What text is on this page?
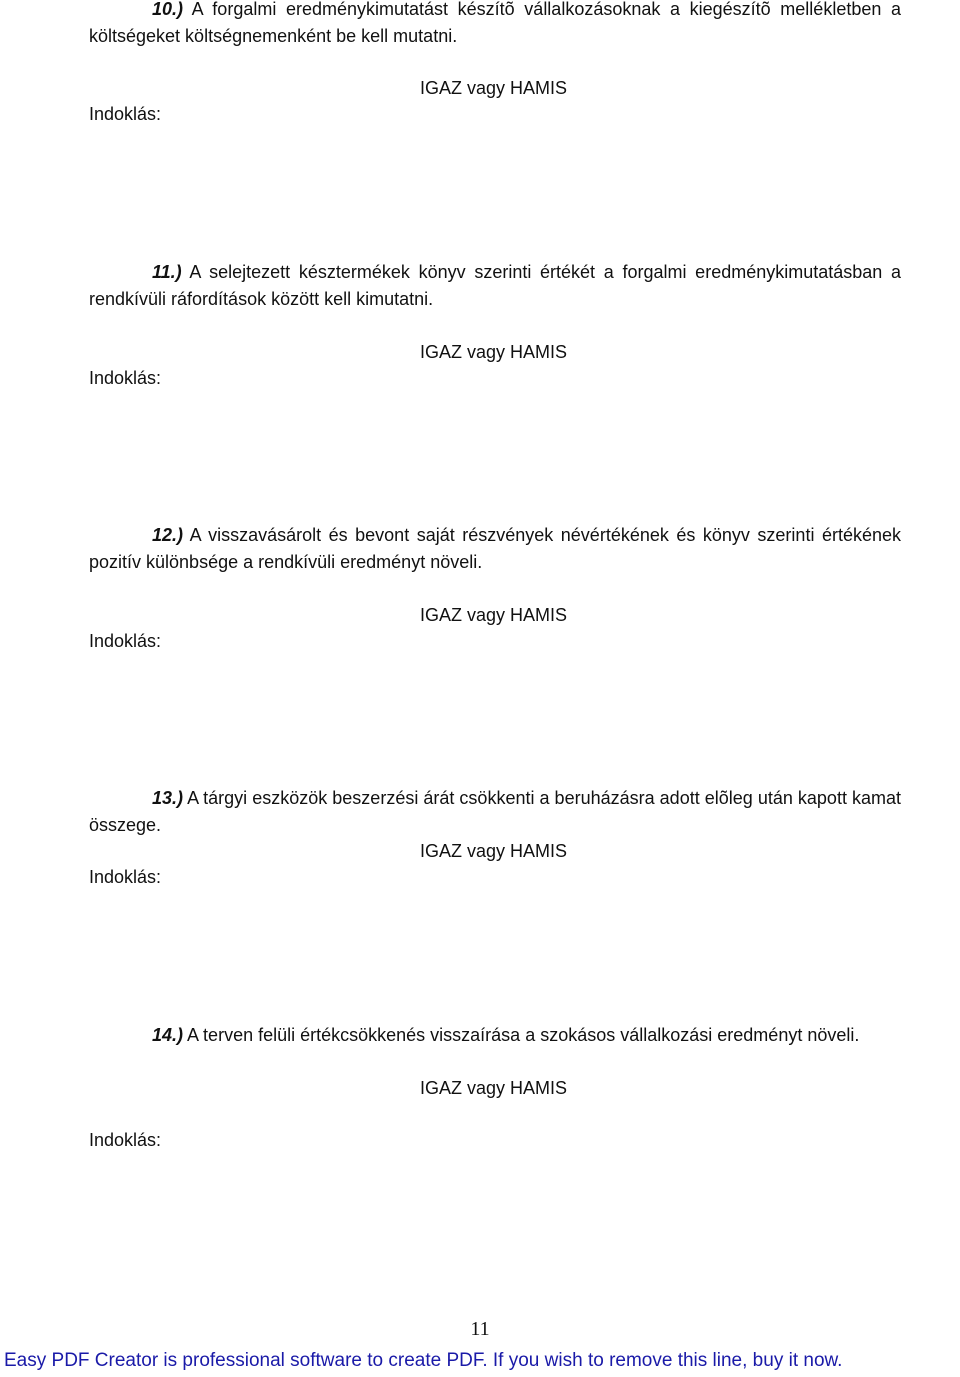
10.) A forgalmi eredménykimutatást készítõ vállalkozásoknak a kiegészítõ mellékletben a költségeket költségnemenként be kell mutatni.

IGAZ vagy HAMIS
Indoklás:

11.) A selejtezett késztermékek könyv szerinti értékét a forgalmi eredménykimutatásban a rendkívüli ráfordítások között kell kimutatni.

IGAZ vagy HAMIS
Indoklás:

12.) A visszavásárolt és bevont saját részvények névértékének és könyv szerinti értékének pozitív különbsége a rendkívüli eredményt növeli.

IGAZ vagy HAMIS
Indoklás:

13.) A tárgyi eszközök beszerzési árát csökkenti a beruházásra adott elõleg után kapott kamat összege.

IGAZ vagy HAMIS
Indoklás:

14.) A terven felüli értékcsökkenés visszaírása a szokásos vállalkozási eredményt növeli.

IGAZ vagy HAMIS
Indoklás:
11
Easy PDF Creator is professional software to create PDF. If you wish to remove this line, buy it now.
